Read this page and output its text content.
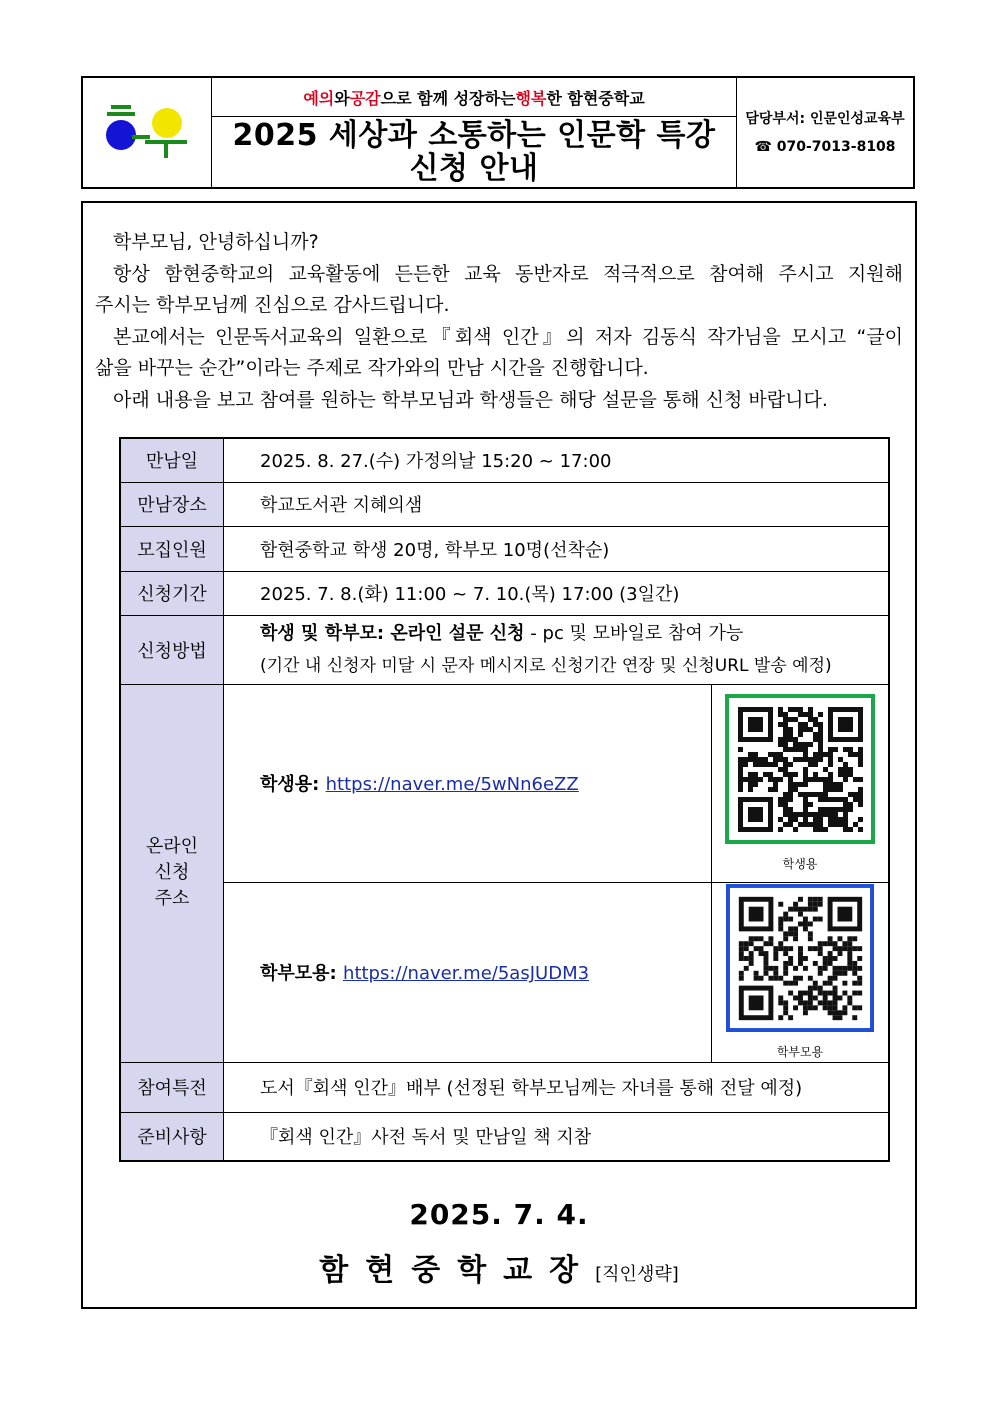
예의 와 공감 으로 함께 성장하는 행복 한 함현중학교
2025 세상과 소통하는 인문학 특강
신청 안내
담당부서: 인문인성교육부
☎ 070-7013-8108

학부모님, 안녕하십니까?

항상 함현중학교의 교육활동에 든든한 교육 동반자로 적극적으로 참여해 주시고 지원해

주시는 학부모님께 진심으로 감사드립니다.

본교에서는 인문독서교육의 일환으로『회색 인간』의 저자 김동식 작가님을 모시고 “글이

삶을 바꾸는 순간”이라는 주제로 작가와의 만남 시간을 진행합니다.

아래 내용을 보고 참여를 원하는 학부모님과 학생들은 해당 설문을 통해 신청 바랍니다.

만남일	2025. 8. 27.(수) 가정의날 15:20 ~ 17:00	
만남장소	학교도서관 지혜의샘	
모집인원	함현중학교 학생 20명, 학부모 10명(선착순)	
신청기간	2025. 7. 8.(화) 11:00 ~ 7. 10.(목) 17:00 (3일간)	
신청방법	학생 및 학부모: 온라인 설문 신청 - pc 및 모바일로 참여 가능
(기간 내 신청자 미달 시 문자 메시지로 신청기간 연장 및 신청URL 발송 예정)	

온라인
신청
주소	학생용: https://naver.me/5wNn6eZZ	학생용

	학부모용: https://naver.me/5asJUDM3	학부모용

참여특전	도서『회색 인간』배부 (선정된 학부모님께는 자녀를 통해 전달 예정)	
준비사항	『회색 인간』사전 독서 및 만남일 책 지참	
2025. 7. 4.
함현중학교장[직인생략]
